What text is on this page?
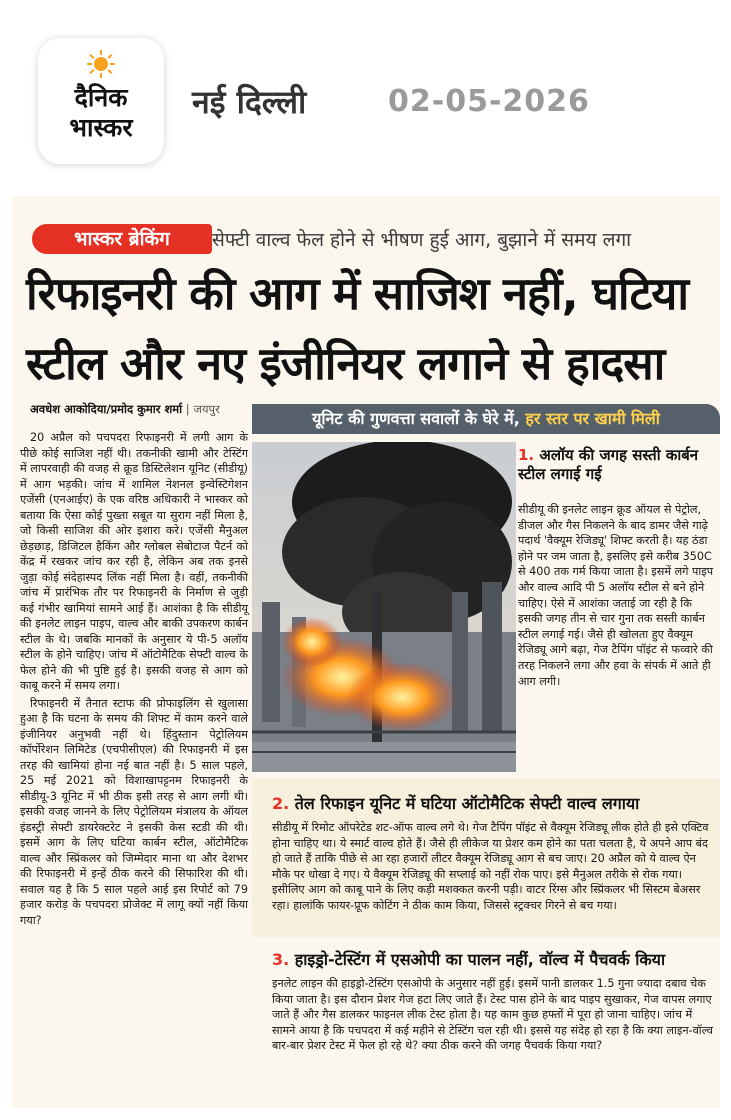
दैनिक
भास्कर
नई दिल्ली	02-05-2026
भास्कर ब्रेकिंग	सेफ्टी वाल्व फेल होने से भीषण हुई आग, बुझाने में समय लगा
रिफाइनरी की आग में साजिश नहीं, घटिया
स्टील और नए इंजीनियर लगाने से हादसा
अवधेश आकोदिया/प्रमोद कुमार शर्मा | जयपुर

20 अप्रैल को पचपदरा रिफाइनरी में लगी आग के पीछे कोई साजिश नहीं थी। तकनीकी खामी और टेस्टिंग में लापरवाही की वजह से क्रूड डिस्टिलेशन यूनिट (सीडीयू) में आग भड़की। जांच में शामिल नेशनल इन्वेस्टिगेशन एजेंसी (एनआईए) के एक वरिष्ठ अधिकारी ने भास्कर को बताया कि ऐसा कोई पुख्ता सबूत या सुराग नहीं मिला है, जो किसी साजिश की ओर इशारा करे। एजेंसी मैनुअल छेड़छाड़, डिजिटल हैकिंग और ग्लोबल सेबोटाज पैटर्न को केंद्र में रखकर जांच कर रही है, लेकिन अब तक इनसे जुड़ा कोई संदेहास्पद लिंक नहीं मिला है। वहीं, तकनीकी जांच में प्रारंभिक तौर पर रिफाइनरी के निर्माण से जुड़ी कई गंभीर खामियां सामने आई हैं। आशंका है कि सीडीयू की इनलेट लाइन पाइप, वाल्व और बाकी उपकरण कार्बन स्टील के थे। जबकि मानकों के अनुसार ये पी-5 अलॉय स्टील के होने चाहिए। जांच में ऑटोमैटिक सेफ्टी वाल्व के फेल होने की भी पुष्टि हुई है। इसकी वजह से आग को काबू करने में समय लगा।

रिफाइनरी में तैनात स्टाफ की प्रोफाइलिंग से खुलासा हुआ है कि घटना के समय की शिफ्ट में काम करने वाले इंजीनियर अनुभवी नहीं थे। हिंदुस्तान पेट्रोलियम कॉर्पोरेशन लिमिटेड (एचपीसीएल) की रिफाइनरी में इस तरह की खामियां होना नई बात नहीं है। 5 साल पहले, 25 मई 2021 को विशाखापट्टनम रिफाइनरी के सीडीयू-3 यूनिट में भी ठीक इसी तरह से आग लगी थी। इसकी वजह जानने के लिए पेट्रोलियम मंत्रालय के ऑयल इंडस्ट्री सेफ्टी डायरेक्टरेट ने इसकी केस स्टडी की थी। इसमें आग के लिए घटिया कार्बन स्टील, ऑटोमैटिक वाल्व और स्प्रिंकलर को जिम्मेदार माना था और देशभर की रिफाइनरी में इन्हें ठीक करने की सिफारिश की थी। सवाल यह है कि 5 साल पहले आई इस रिपोर्ट को 79 हजार करोड़ के पचपदरा प्रोजेक्ट में लागू क्यों नहीं किया गया?

यूनिट की गुणवत्ता सवालों के घेरे में, हर स्तर पर खामी मिली
1. अलॉय की जगह सस्ती कार्बन स्टील लगाई गई
सीडीयू की इनलेट लाइन क्रूड ऑयल से पेट्रोल, डीजल और गैस निकलने के बाद डामर जैसे गाढ़े पदार्थ 'वैक्यूम रेजिड्यू' शिफ्ट करती है। यह ठंडा होने पर जम जाता है, इसलिए इसे करीब 350C से 400 तक गर्म किया जाता है। इसमें लगे पाइप और वाल्व आदि पी 5 अलॉय स्टील से बने होने चाहिए। ऐसे में आशंका जताई जा रही है कि इसकी जगह तीन से चार गुना तक सस्ती कार्बन स्टील लगाई गई। जैसे ही खोलता हुए वैक्यूम रेजिड्यू आगे बढ़ा, गेज टैपिंग पॉइंट से फव्वारे की तरह निकलने लगा और हवा के संपर्क में आते ही आग लगी।
2. तेल रिफाइन यूनिट में घटिया ऑटोमैटिक सेफ्टी वाल्व लगाया
सीडीयू में रिमोट ऑपरेटेड शट-ऑफ वाल्व लगे थे। गेज टैपिंग पॉइंट से वैक्यूम रेजिड्यू लीक होते ही इसे एक्टिव होना चाहिए था। ये स्मार्ट वाल्व होते हैं। जैसे ही लीकेज या प्रेशर कम होने का पता चलता है, ये अपने आप बंद हो जाते हैं ताकि पीछे से आ रहा हजारों लीटर वैक्यूम रेजिड्यू आग से बच जाए। 20 अप्रैल को ये वाल्व ऐन मौके पर धोखा दे गए। ये वैक्यूम रेजिड्यू की सप्लाई को नहीं रोक पाए। इसे मैनुअल तरीके से रोक गया। इसीलिए आग को काबू पाने के लिए कड़ी मशक्कत करनी पड़ी। वाटर रिंग्स और स्प्रिंकलर भी सिस्टम बेअसर रहा। हालांकि फायर-प्रूफ कोटिंग ने ठीक काम किया, जिससे स्ट्रक्चर गिरने से बच गया।
3. हाइड्रो-टेस्टिंग में एसओपी का पालन नहीं, वॉल्व में पैचवर्क किया
इनलेट लाइन की हाइड्रो-टेस्टिंग एसओपी के अनुसार नहीं हुई। इसमें पानी डालकर 1.5 गुना ज्यादा दबाव चेक किया जाता है। इस दौरान प्रेशर गेज हटा लिए जाते हैं। टेस्ट पास होने के बाद पाइप सुखाकर, गेज वापस लगाए जाते हैं और गैस डालकर फाइनल लीक टेस्ट होता है। यह काम कुछ हफ्तों में पूरा हो जाना चाहिए। जांच में सामने आया है कि पचपदरा में कई महीने से टेस्टिंग चल रही थी। इससे यह संदेह हो रहा है कि क्या लाइन-वॉल्व बार-बार प्रेशर टेस्ट में फेल हो रहे थे? क्या ठीक करने की जगह पैचवर्क किया गया?
